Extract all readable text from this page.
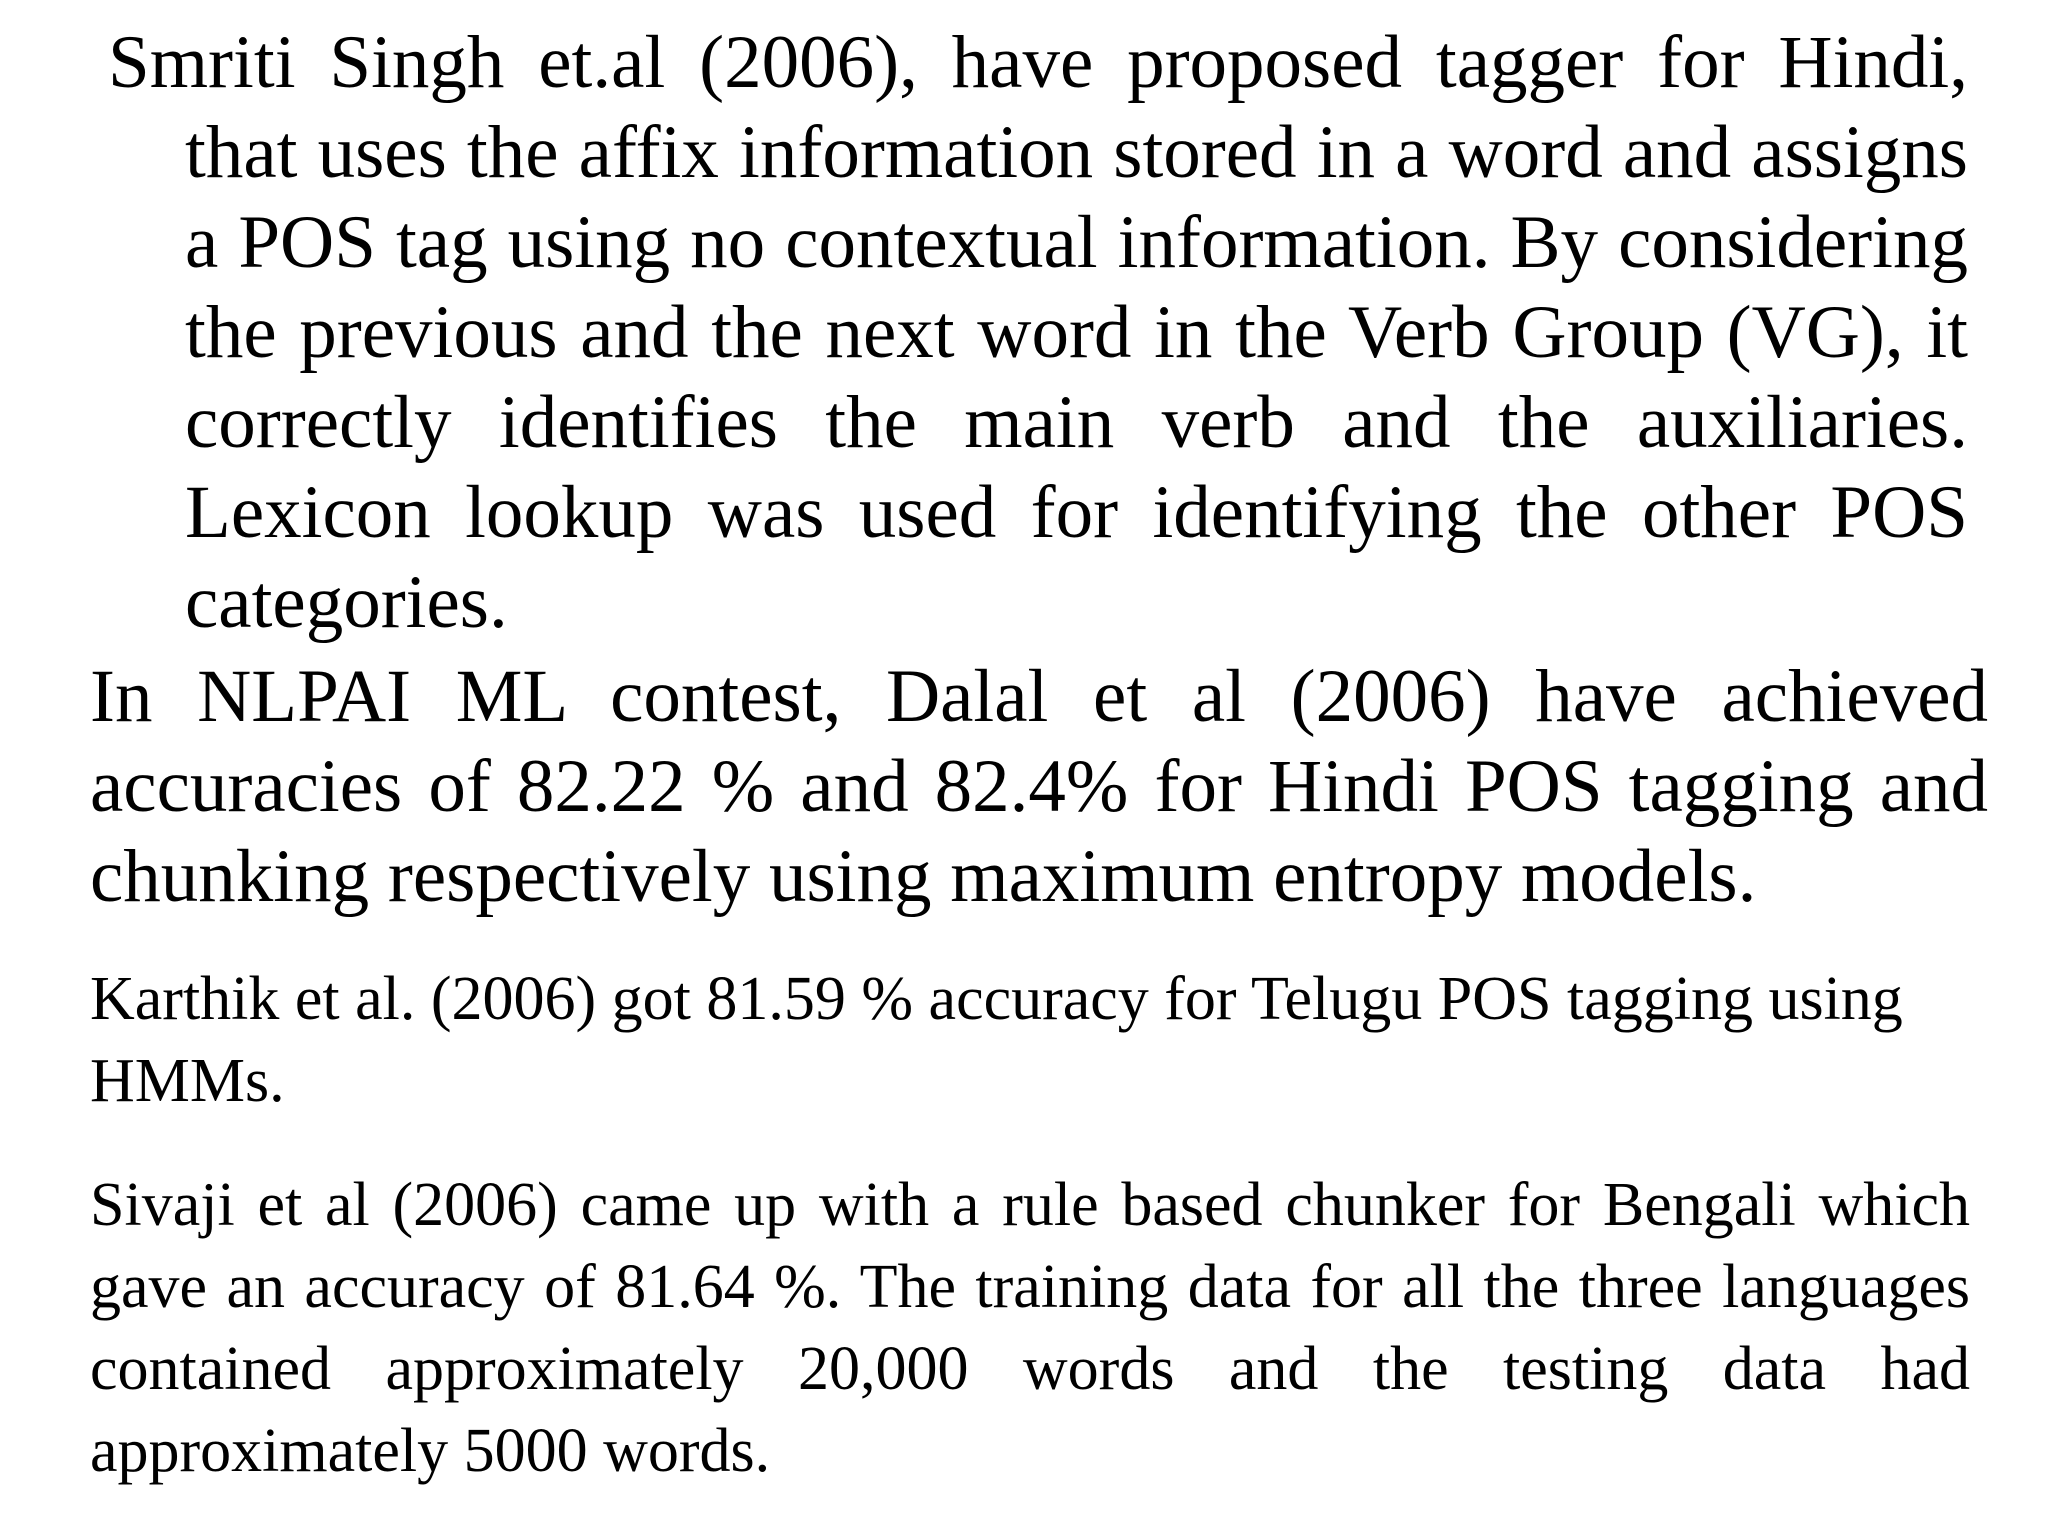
Smriti Singh et.al (2006), have proposed tagger for Hindi, that uses the affix information stored in a word and assigns a POS tag using no contextual information. By considering the previous and the next word in the Verb Group (VG), it correctly identifies the main verb and the auxiliaries. Lexicon lookup was used for identifying the other POS categories.

In NLPAI ML contest, Dalal et al (2006) have achieved accuracies of 82.22 % and 82.4% for Hindi POS tagging and chunking respectively using maximum entropy models.

Karthik et al. (2006) got 81.59 % accuracy for Telugu POS tagging using HMMs.

Sivaji et al (2006) came up with a rule based chunker for Bengali which gave an accuracy of 81.64 %. The training data for all the three languages contained approximately 20,000 words and the testing data had approximately 5000 words.
